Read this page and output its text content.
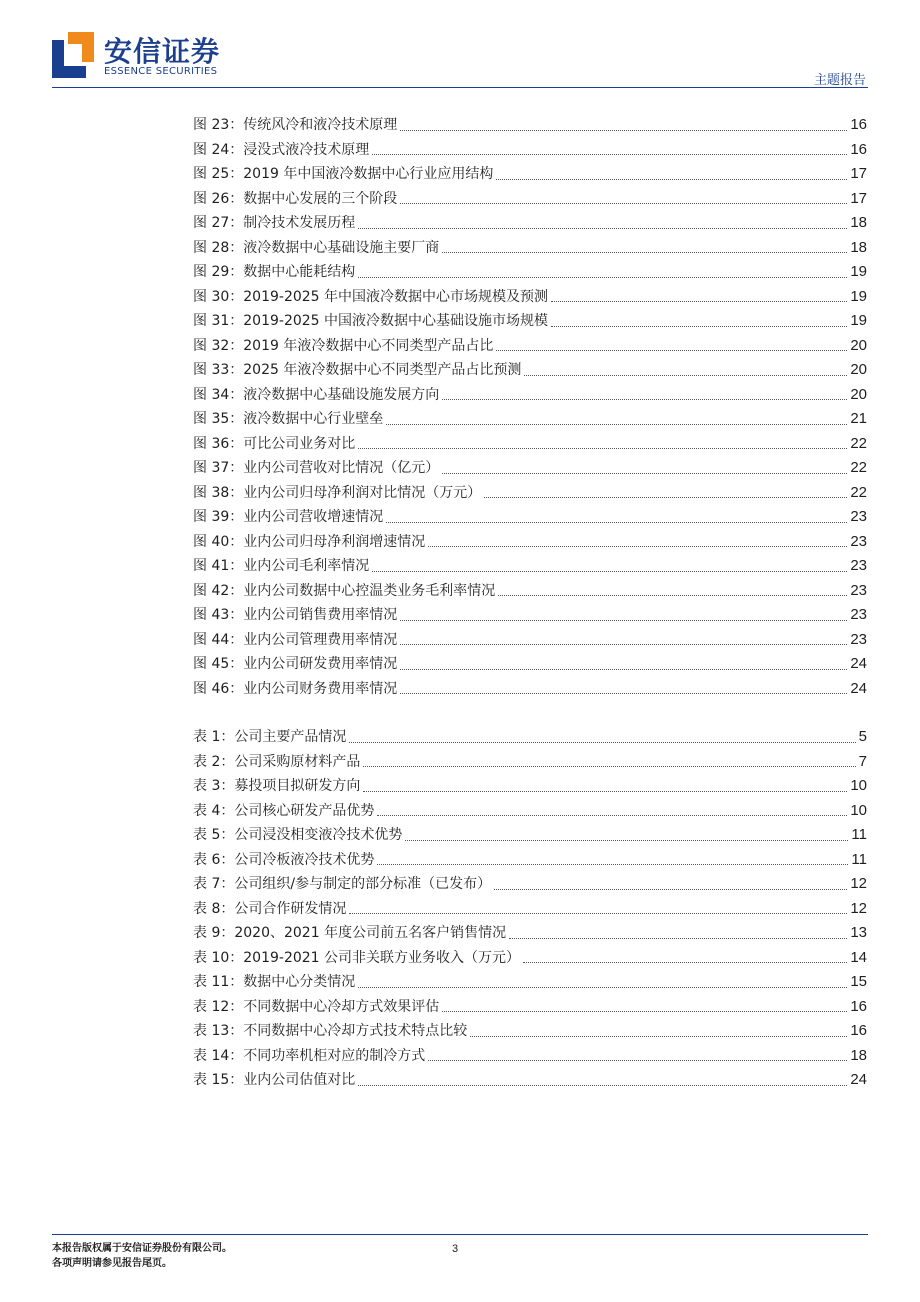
安信证券
ESSENCE SECURITIES
主题报告
图 23：传统风冷和液冷技术原理	16
图 24：浸没式液冷技术原理	16
图 25：2019 年中国液冷数据中心行业应用结构	17
图 26：数据中心发展的三个阶段	17
图 27：制冷技术发展历程	18
图 28：液冷数据中心基础设施主要厂商	18
图 29：数据中心能耗结构	19
图 30：2019-2025 年中国液冷数据中心市场规模及预测	19
图 31：2019-2025 中国液冷数据中心基础设施市场规模	19
图 32：2019 年液冷数据中心不同类型产品占比	20
图 33：2025 年液冷数据中心不同类型产品占比预测	20
图 34：液冷数据中心基础设施发展方向	20
图 35：液冷数据中心行业壁垒	21
图 36：可比公司业务对比	22
图 37：业内公司营收对比情况（亿元）	22
图 38：业内公司归母净利润对比情况（万元）	22
图 39：业内公司营收增速情况	23
图 40：业内公司归母净利润增速情况	23
图 41：业内公司毛利率情况	23
图 42：业内公司数据中心控温类业务毛利率情况	23
图 43：业内公司销售费用率情况	23
图 44：业内公司管理费用率情况	23
图 45：业内公司研发费用率情况	24
图 46：业内公司财务费用率情况	24
表 1：公司主要产品情况	5
表 2：公司采购原材料产品	7
表 3：募投项目拟研发方向	10
表 4：公司核心研发产品优势	10
表 5：公司浸没相变液冷技术优势	11
表 6：公司冷板液冷技术优势	11
表 7：公司组织/参与制定的部分标准（已发布）	12
表 8：公司合作研发情况	12
表 9：2020、2021 年度公司前五名客户销售情况	13
表 10：2019-2021 公司非关联方业务收入（万元）	14
表 11：数据中心分类情况	15
表 12：不同数据中心冷却方式效果评估	16
表 13：不同数据中心冷却方式技术特点比较	16
表 14：不同功率机柜对应的制冷方式	18
表 15：业内公司估值对比	24
本报告版权属于安信证券股份有限公司。
各项声明请参见报告尾页。
3
